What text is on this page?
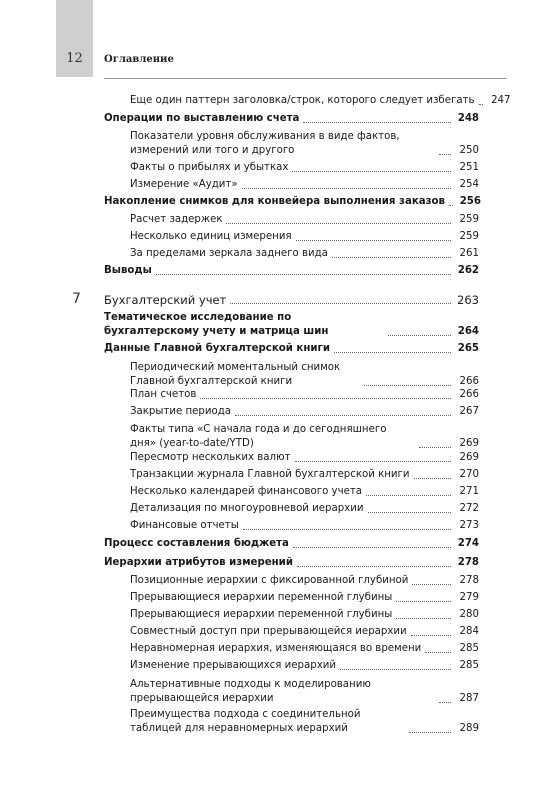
12	Оглавление
Еще один паттерн заголовка/строк, которого следует избегать	247
Операции по выставлению счета	248
Показатели уровня обслуживания в виде фактов, измерений или того и другого	250
Факты о прибылях и убытках	251
Измерение «Аудит»	254
Накопление снимков для конвейера выполнения заказов 256
Расчет задержек	259
Несколько единиц измерения	259
За пределами зеркала заднего вида	261
Выводы	262
7 Бухгалтерский учет	263
Тематическое исследование по бухгалтерскому учету и матрица шин	264
Данные Главной бухгалтерской книги	265
Периодический моментальный снимок Главной бухгалтерской книги	266
План счетов	266
Закрытие периода	267
Факты типа «С начала года и до сегодняшнего дня» (year-to-date/YTD)	269
Пересмотр нескольких валют	269
Транзакции журнала Главной бухгалтерской книги	270
Несколько календарей финансового учета	271
Детализация по многоуровневой иерархии	272
Финансовые отчеты	273
Процесс составления бюджета	274
Иерархии атрибутов измерений	278
Позиционные иерархии с фиксированной глубиной	278
Прерывающиеся иерархии переменной глубины	279
Прерывающиеся иерархии переменной глубины	280
Совместный доступ при прерывающейся иерархии	284
Неравномерная иерархия, изменяющаяся во времени	285
Изменение прерывающихся иерархий	285
Альтернативные подходы к моделированию прерывающейся иерархии	287
Преимущества подхода с соединительной таблицей для неравномерных иерархий	289
